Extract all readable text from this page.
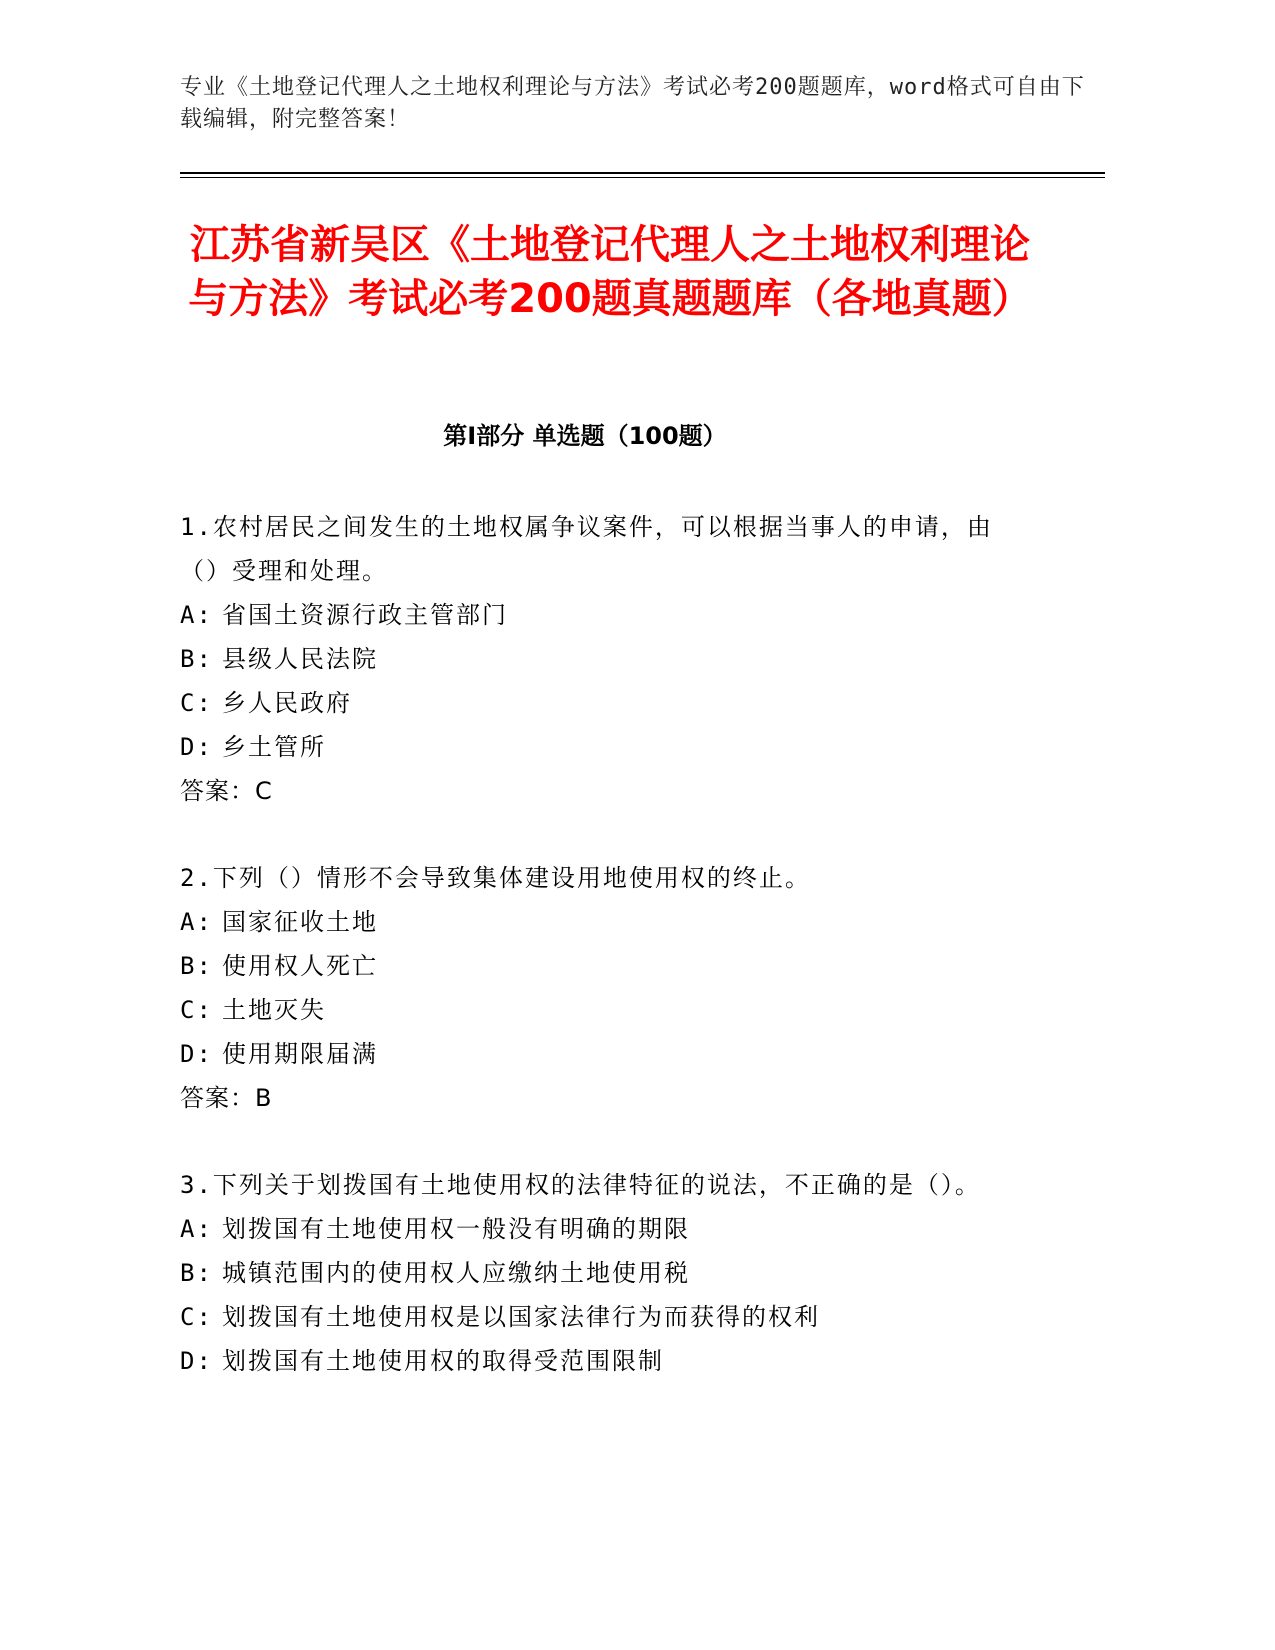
专业《土地登记代理人之土地权利理论与方法》考试必考200题题库，word格式可自由下载编辑，附完整答案！

江苏省新吴区《土地登记代理人之土地权利理论与方法》考试必考200题真题题库（各地真题）
第Ⅰ部分 单选题（100题）

1.农村居民之间发生的土地权属争议案件，可以根据当事人的申请，由（）受理和处理。

A: 省国土资源行政主管部门

B: 县级人民法院

C: 乡人民政府

D: 乡土管所

答案：C

2.下列（）情形不会导致集体建设用地使用权的终止。

A: 国家征收土地

B: 使用权人死亡

C: 土地灭失

D: 使用期限届满

答案：B

3.下列关于划拨国有土地使用权的法律特征的说法，不正确的是（）。

A: 划拨国有土地使用权一般没有明确的期限

B: 城镇范围内的使用权人应缴纳土地使用税

C: 划拨国有土地使用权是以国家法律行为而获得的权利

D: 划拨国有土地使用权的取得受范围限制
